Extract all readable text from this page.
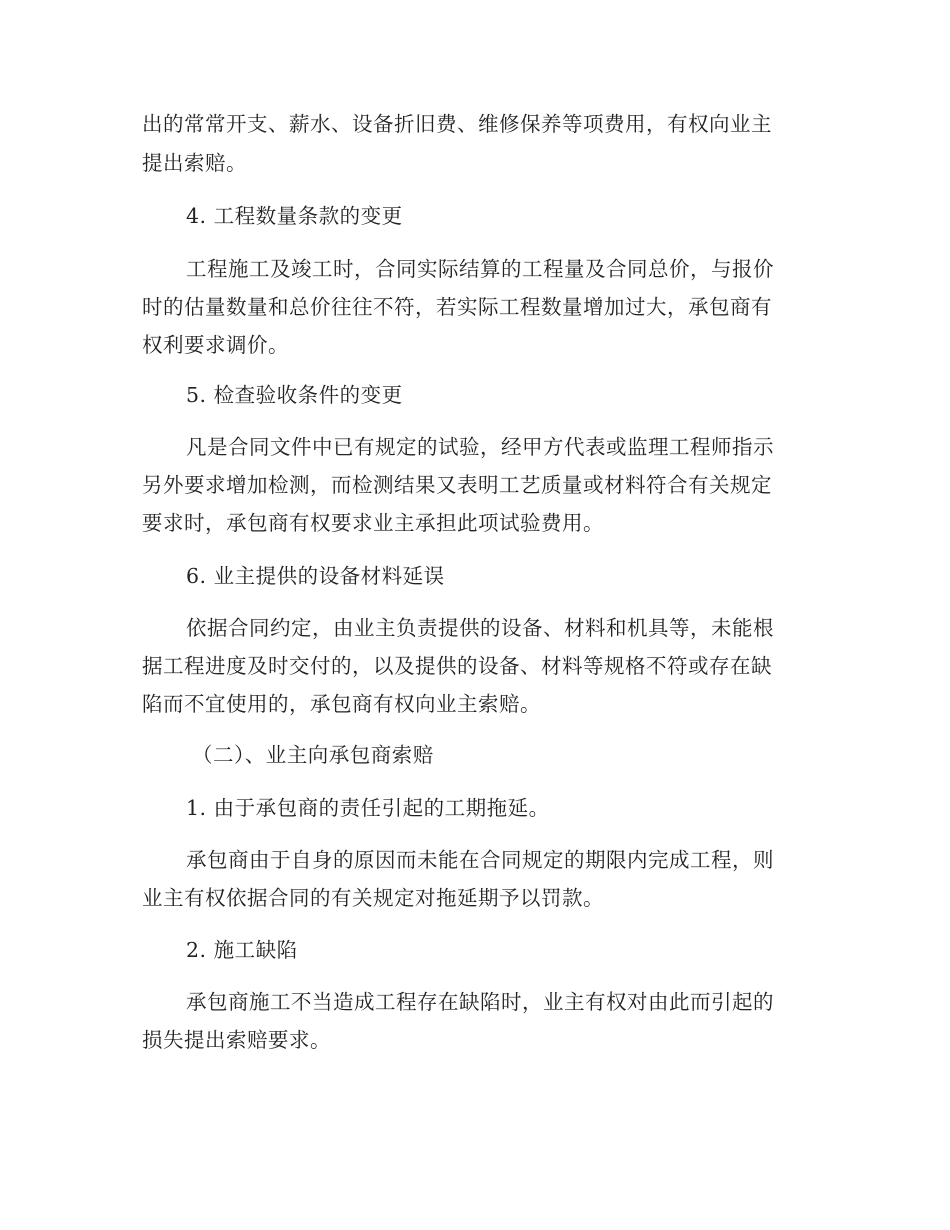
出的常常开支、薪水、设备折旧费、维修保养等项费用，有权向业主
提出索赔。
4. 工程数量条款的变更
工程施工及竣工时，合同实际结算的工程量及合同总价，与报价
时的估量数量和总价往往不符，若实际工程数量增加过大，承包商有
权利要求调价。
5. 检查验收条件的变更
凡是合同文件中已有规定的试验，经甲方代表或监理工程师指示
另外要求增加检测，而检测结果又表明工艺质量或材料符合有关规定
要求时，承包商有权要求业主承担此项试验费用。
6. 业主提供的设备材料延误
依据合同约定，由业主负责提供的设备、材料和机具等，未能根
据工程进度及时交付的，以及提供的设备、材料等规格不符或存在缺
陷而不宜使用的，承包商有权向业主索赔。
（二）、业主向承包商索赔
1. 由于承包商的责任引起的工期拖延。
承包商由于自身的原因而未能在合同规定的期限内完成工程，则
业主有权依据合同的有关规定对拖延期予以罚款。
2. 施工缺陷
承包商施工不当造成工程存在缺陷时，业主有权对由此而引起的
损失提出索赔要求。
